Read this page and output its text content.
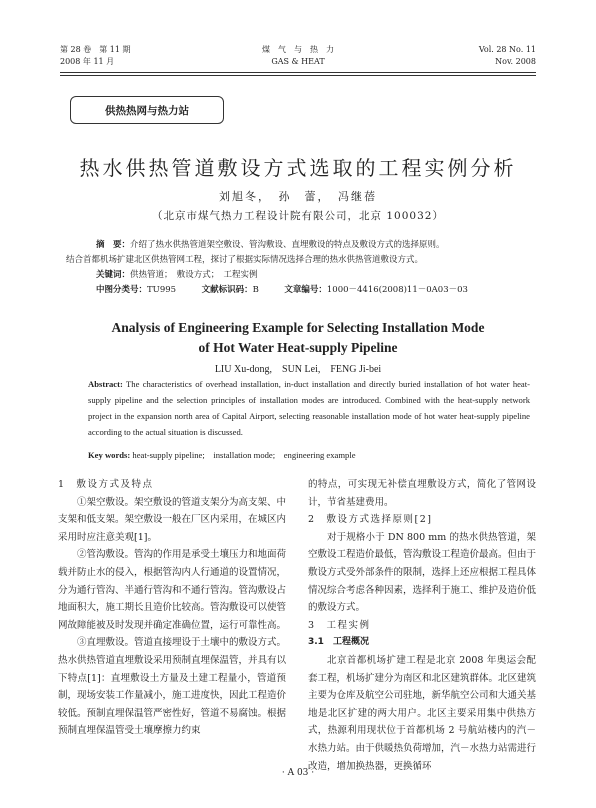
第 28 卷　第 11 期
2008 年 11 月
煤　气　与　热　力
GAS & HEAT
Vol. 28 No. 11
Nov. 2008
供热热网与热力站
热水供热管道敷设方式选取的工程实例分析
刘旭冬，　孙　蕾，　冯继蓓
（北京市煤气热力工程设计院有限公司，北京 100032）

摘　要：介绍了热水供热管道架空敷设、管沟敷设、直埋敷设的特点及敷设方式的选择原则。

结合首都机场扩建北区供热管网工程，探讨了根据实际情况选择合理的热水供热管道敷设方式。

关键词：供热管道；　敷设方式；　工程实例

中图分类号：TU995　　　	文献标识码：B　　　	文章编号：1000－4416(2008)11－0A03－03

Analysis of Engineering Example for Selecting Installation Mode
of Hot Water Heat-supply Pipeline
LIU Xu-dong,　SUN Lei,　FENG Ji-bei
Abstract: The characteristics of overhead installation, in-duct installation and directly buried installation of hot water heat-supply pipeline and the selection principles of installation modes are introduced. Combined with the heat-supply network project in the expansion north area of Capital Airport, selecting reasonable installation mode of hot water heat-supply pipeline according to the actual situation is discussed.
Key words: heat-supply pipeline;　installation mode;　engineering example
1　敷设方式及特点
①架空敷设。架空敷设的管道支架分为高支架、中支架和低支架。架空敷设一般在厂区内采用，在城区内采用时应注意美观[1]。
②管沟敷设。管沟的作用是承受土壤压力和地面荷载并防止水的侵入，根据管沟内人行通道的设置情况，分为通行管沟、半通行管沟和不通行管沟。管沟敷设占地面积大，施工期长且造价比较高。管沟敷设可以使管网故障能被及时发现并确定准确位置，运行可靠性高。
③直埋敷设。管道直接埋设于土壤中的敷设方式。热水供热管道直埋敷设采用预制直埋保温管，并具有以下特点[1]：直埋敷设土方量及土建工程量小，管道预制，现场安装工作量减小，施工进度快，因此工程造价较低。预制直埋保温管严密性好，管道不易腐蚀。根据预制直埋保温管受土壤摩擦力约束
的特点，可实现无补偿直埋敷设方式，简化了管网设计，节省基建费用。
2　敷设方式选择原则[2]
对于规格小于 DN 800 mm 的热水供热管道，架空敷设工程造价最低，管沟敷设工程造价最高。但由于敷设方式受外部条件的限制，选择上还应根据工程具体情况综合考虑各种因素，选择利于施工、维护及造价低的敷设方式。
3　工程实例
3.1　工程概况
北京首都机场扩建工程是北京 2008 年奥运会配套工程，机场扩建分为南区和北区建筑群体。北区建筑主要为仓库及航空公司驻地，新华航空公司和大通关基地是北区扩建的两大用户。北区主要采用集中供热方式，热源利用现状位于首都机场 2 号航站楼内的汽－水热力站。由于供暖热负荷增加，汽－水热力站需进行改造，增加换热器，更换循环
· A 03 ·
